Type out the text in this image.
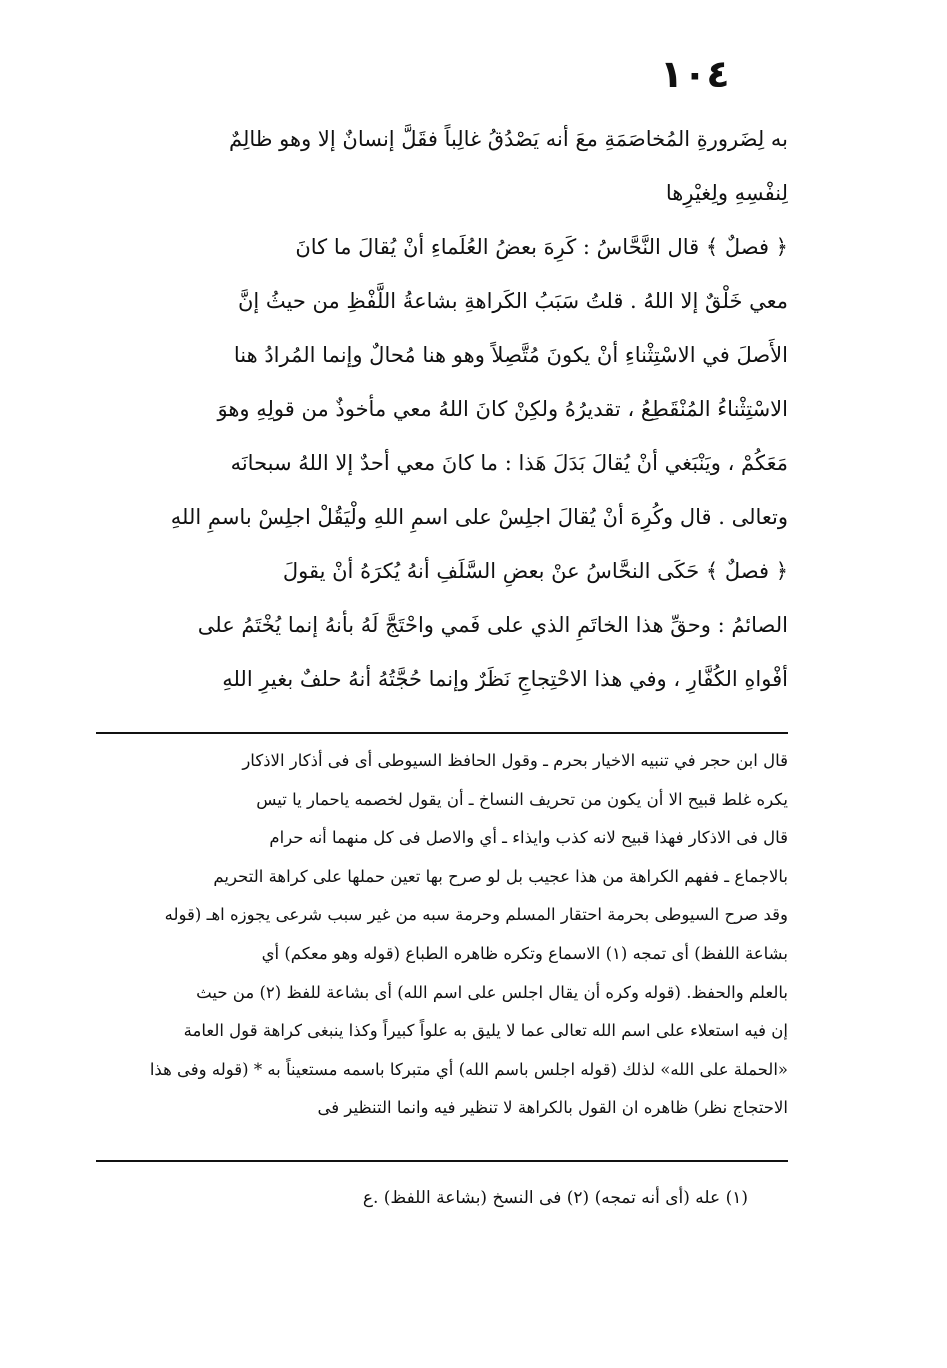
١٠٤
به لِضَرورةِ المُخاصَمَةِ معَ أنه يَصْدُقُ غالِباً فقَلَّ إنسانٌ إلا وهو ظالِمٌ
لِنفْسِهِ ولِغيْرِها
﴿ فصلٌ ﴾ قال النَّحَّاسُ : كَرِهَ بعضُ العُلَماءِ أنْ يُقالَ ما كانَ
معي خَلْقٌ إلا اللهُ . قلتُ سَبَبُ الكَراهةِ بشاعةُ اللَّفْظِ من حيثُ إنَّ
الأَصلَ في الاسْتِثْناءِ أنْ يكونَ مُتَّصِلاً وهو هنا مُحالٌ وإنما المُرادُ هنا
الاسْتِثْناءُ المُنْقَطِعُ ، تقديرُهُ ولكِنْ كانَ اللهُ معي مأخوذٌ من قولِهِ وهوَ
مَعَكُمْ ، ويَنْبَغي أنْ يُقالَ بَدَلَ هَذا : ما كانَ معي أحدٌ إلا اللهُ سبحانَه
وتعالى . قال وكُرِهَ أنْ يُقالَ اجلِسْ على اسمِ اللهِ ولْيَقُلْ اجلِسْ باسمِ اللهِ
﴿ فصلٌ ﴾ حَكَى النحَّاسُ عنْ بعضِ السَّلَفِ أنهُ يُكرَهُ أنْ يقولَ
الصائمُ : وحقِّ هذا الخاتَمِ الذي على فَمي واحْتَجَّ لَهُ بأنهُ إنما يُخْتَمُ على
أفْواهِ الكُفَّارِ ، وفي هذا الاحْتِجاجِ نَظَرٌ وإنما حُجَّتُهُ أنهُ حلفٌ بغيرِ اللهِ
قال ابن حجر في تنبيه الاخيار بحرم ـ وقول الحافظ السيوطى أى فى أذكار الاذكار
يكره غلط قبيح الا أن يكون من تحريف النساخ ـ أن يقول لخصمه ياحمار يا تيس
قال فى الاذكار فهذا قبيح لانه كذب وايذاء ـ أي والاصل فى كل منهما أنه حرام
بالاجماع ـ ففهم الكراهة من هذا عجيب بل لو صرح بها تعين حملها على كراهة التحريم
وقد صرح السيوطى بحرمة احتقار المسلم وحرمة سبه من غير سبب شرعى يجوزه اهـ (قوله
بشاعة اللفظ) أى تمجه (١) الاسماع وتكره ظاهره الطباع (قوله وهو معكم) أي
بالعلم والحفظ. (قوله وكره أن يقال اجلس على اسم الله) أى بشاعة للفظ (٢) من حيث
إن فيه استعلاء على اسم الله تعالى عما لا يليق به علواً كبيراً وكذا ينبغى كراهة قول العامة
«الحملة على الله» لذلك (قوله اجلس باسم الله) أي متبركا باسمه مستعيناً به * (قوله وفى هذا
الاحتجاج نظر) ظاهره ان القول بالكراهة لا تنظير فيه وانما التنظير فى
(١) عله (أى أنه تمجه) (٢) فى النسخ (بشاعة اللفظ) .ع
